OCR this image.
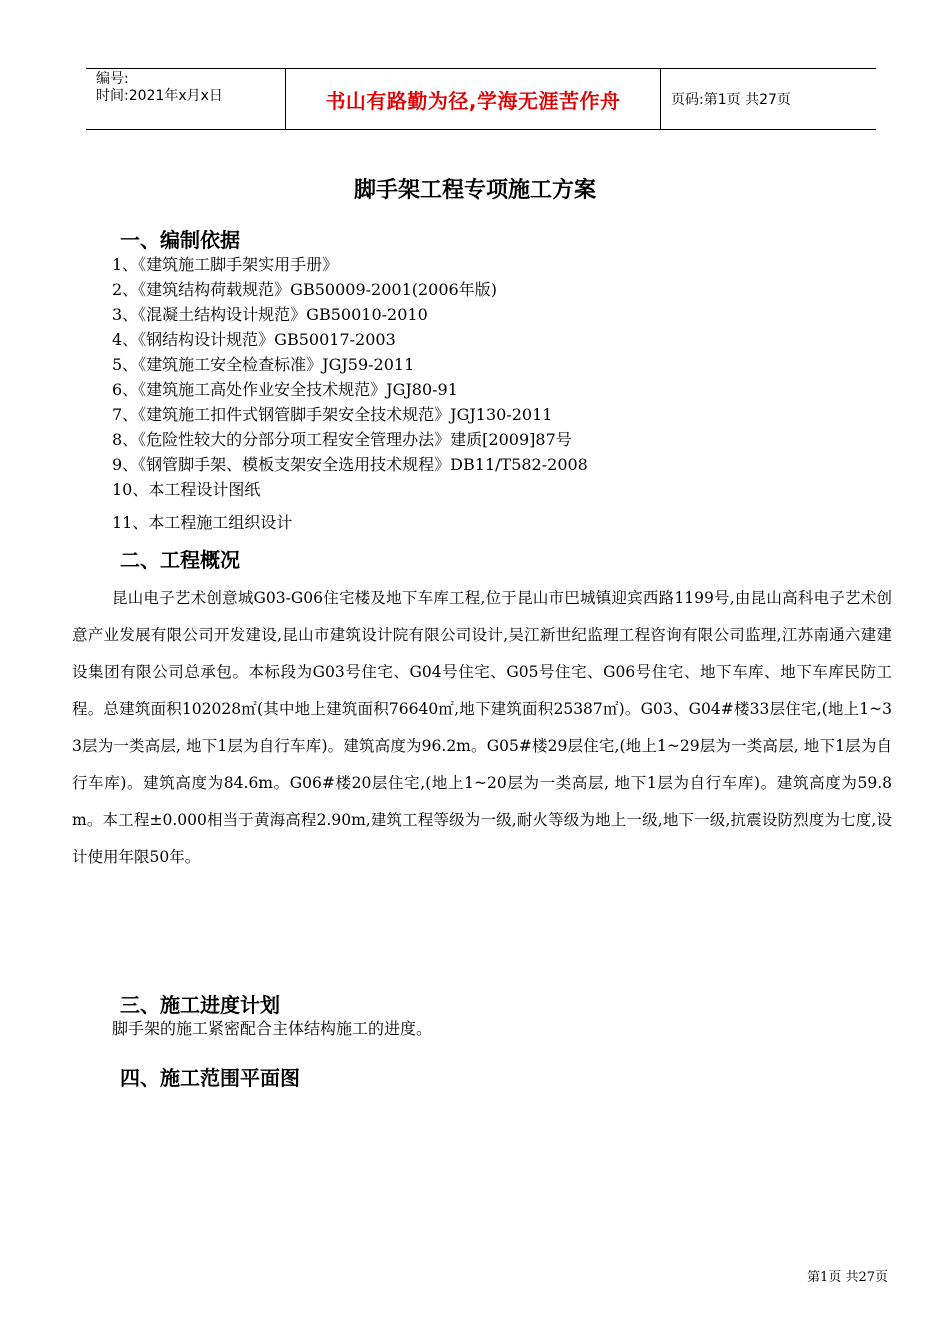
编号:
时间:2021年x月x日	书山有路勤为径,学海无涯苦作舟	页码:第1页 共27页
脚手架工程专项施工方案
一、编制依据
1、《建筑施工脚手架实用手册》
2、《建筑结构荷载规范》GB50009-2001(2006年版)
3、《混凝土结构设计规范》GB50010-2010
4、《钢结构设计规范》GB50017-2003
5、《建筑施工安全检查标准》JGJ59-2011
6、《建筑施工高处作业安全技术规范》JGJ80-91
7、《建筑施工扣件式钢管脚手架安全技术规范》JGJ130-2011
8、《危险性较大的分部分项工程安全管理办法》建质[2009]87号
9、《钢管脚手架、模板支架安全选用技术规程》DB11/T582-2008
10、本工程设计图纸
11、本工程施工组织设计
二、工程概况
昆山电子艺术创意城G03-G06住宅楼及地下车库工程,位于昆山市巴城镇迎宾西路1199号,由昆山高科电子艺术创意产业发展有限公司开发建设,昆山市建筑设计院有限公司设计,吴江新世纪监理工程咨询有限公司监理,江苏南通六建建设集团有限公司总承包。本标段为G03号住宅、G04号住宅、G05号住宅、G06号住宅、地下车库、地下车库民防工程。总建筑面积102028㎡(其中地上建筑面积76640㎡,地下建筑面积25387㎡)。G03、G04#楼33层住宅,(地上1~33层为一类高层, 地下1层为自行车库)。建筑高度为96.2m。G05#楼29层住宅,(地上1~29层为一类高层, 地下1层为自行车库)。建筑高度为84.6m。G06#楼20层住宅,(地上1~20层为一类高层, 地下1层为自行车库)。建筑高度为59.8m。本工程±0.000相当于黄海高程2.90m,建筑工程等级为一级,耐火等级为地上一级,地下一级,抗震设防烈度为七度,设计使用年限50年。
三、施工进度计划
脚手架的施工紧密配合主体结构施工的进度。
四、施工范围平面图
第1页 共27页
